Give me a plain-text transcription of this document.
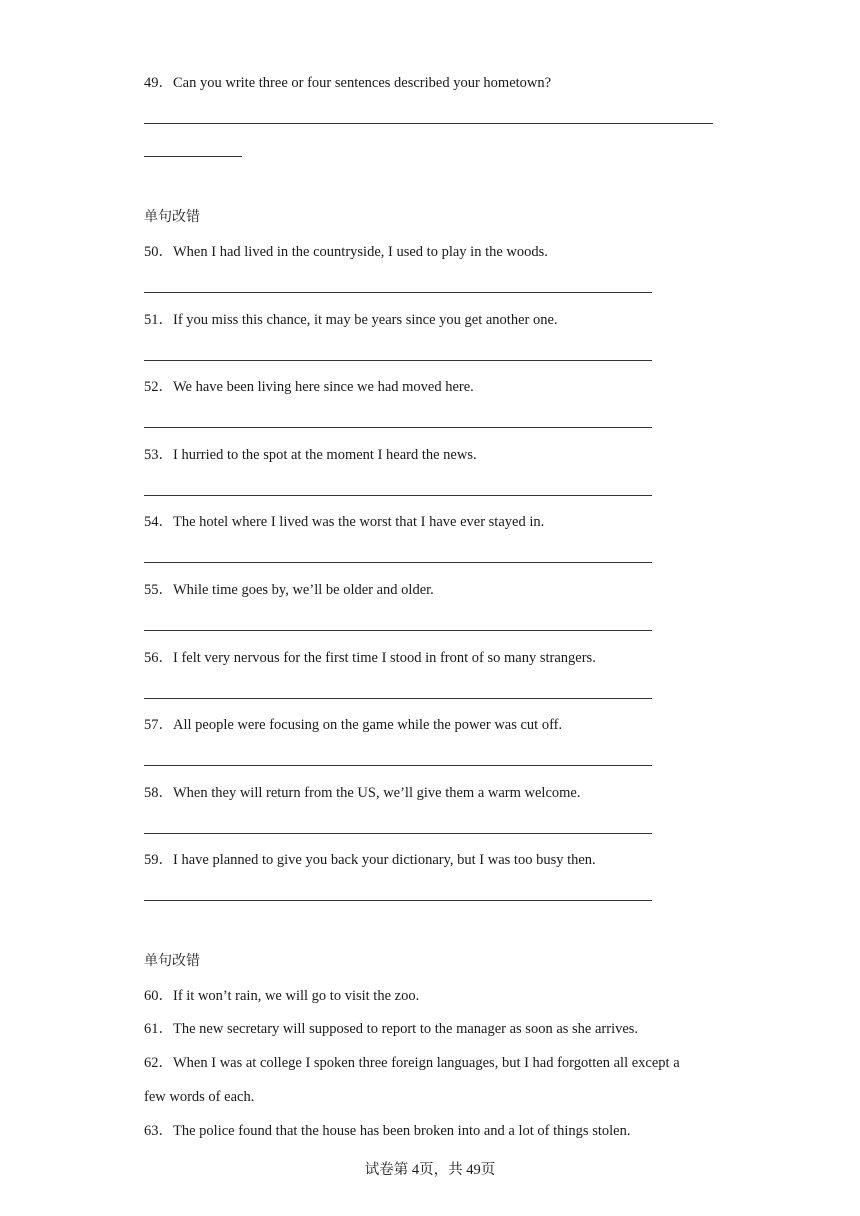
49．Can you write three or four sentences described your hometown?
单句改错
50．When I had lived in the countryside, I used to play in the woods.
51．If you miss this chance, it may be years since you get another one.
52．We have been living here since we had moved here.
53．I hurried to the spot at the moment I heard the news.
54．The hotel where I lived was the worst that I have ever stayed in.
55．While time goes by, we’ll be older and older.
56．I felt very nervous for the first time I stood in front of so many strangers.
57．All people were focusing on the game while the power was cut off.
58．When they will return from the US, we’ll give them a warm welcome.
59．I have planned to give you back your dictionary, but I was too busy then.
单句改错
60．If it won’t rain, we will go to visit the zoo.
61．The new secretary will supposed to report to the manager as soon as she arrives.
62．When I was at college I spoken three foreign languages, but I had forgotten all except a
few words of each.
63．The police found that the house has been broken into and a lot of things stolen.
试卷第 4页，共 49页
